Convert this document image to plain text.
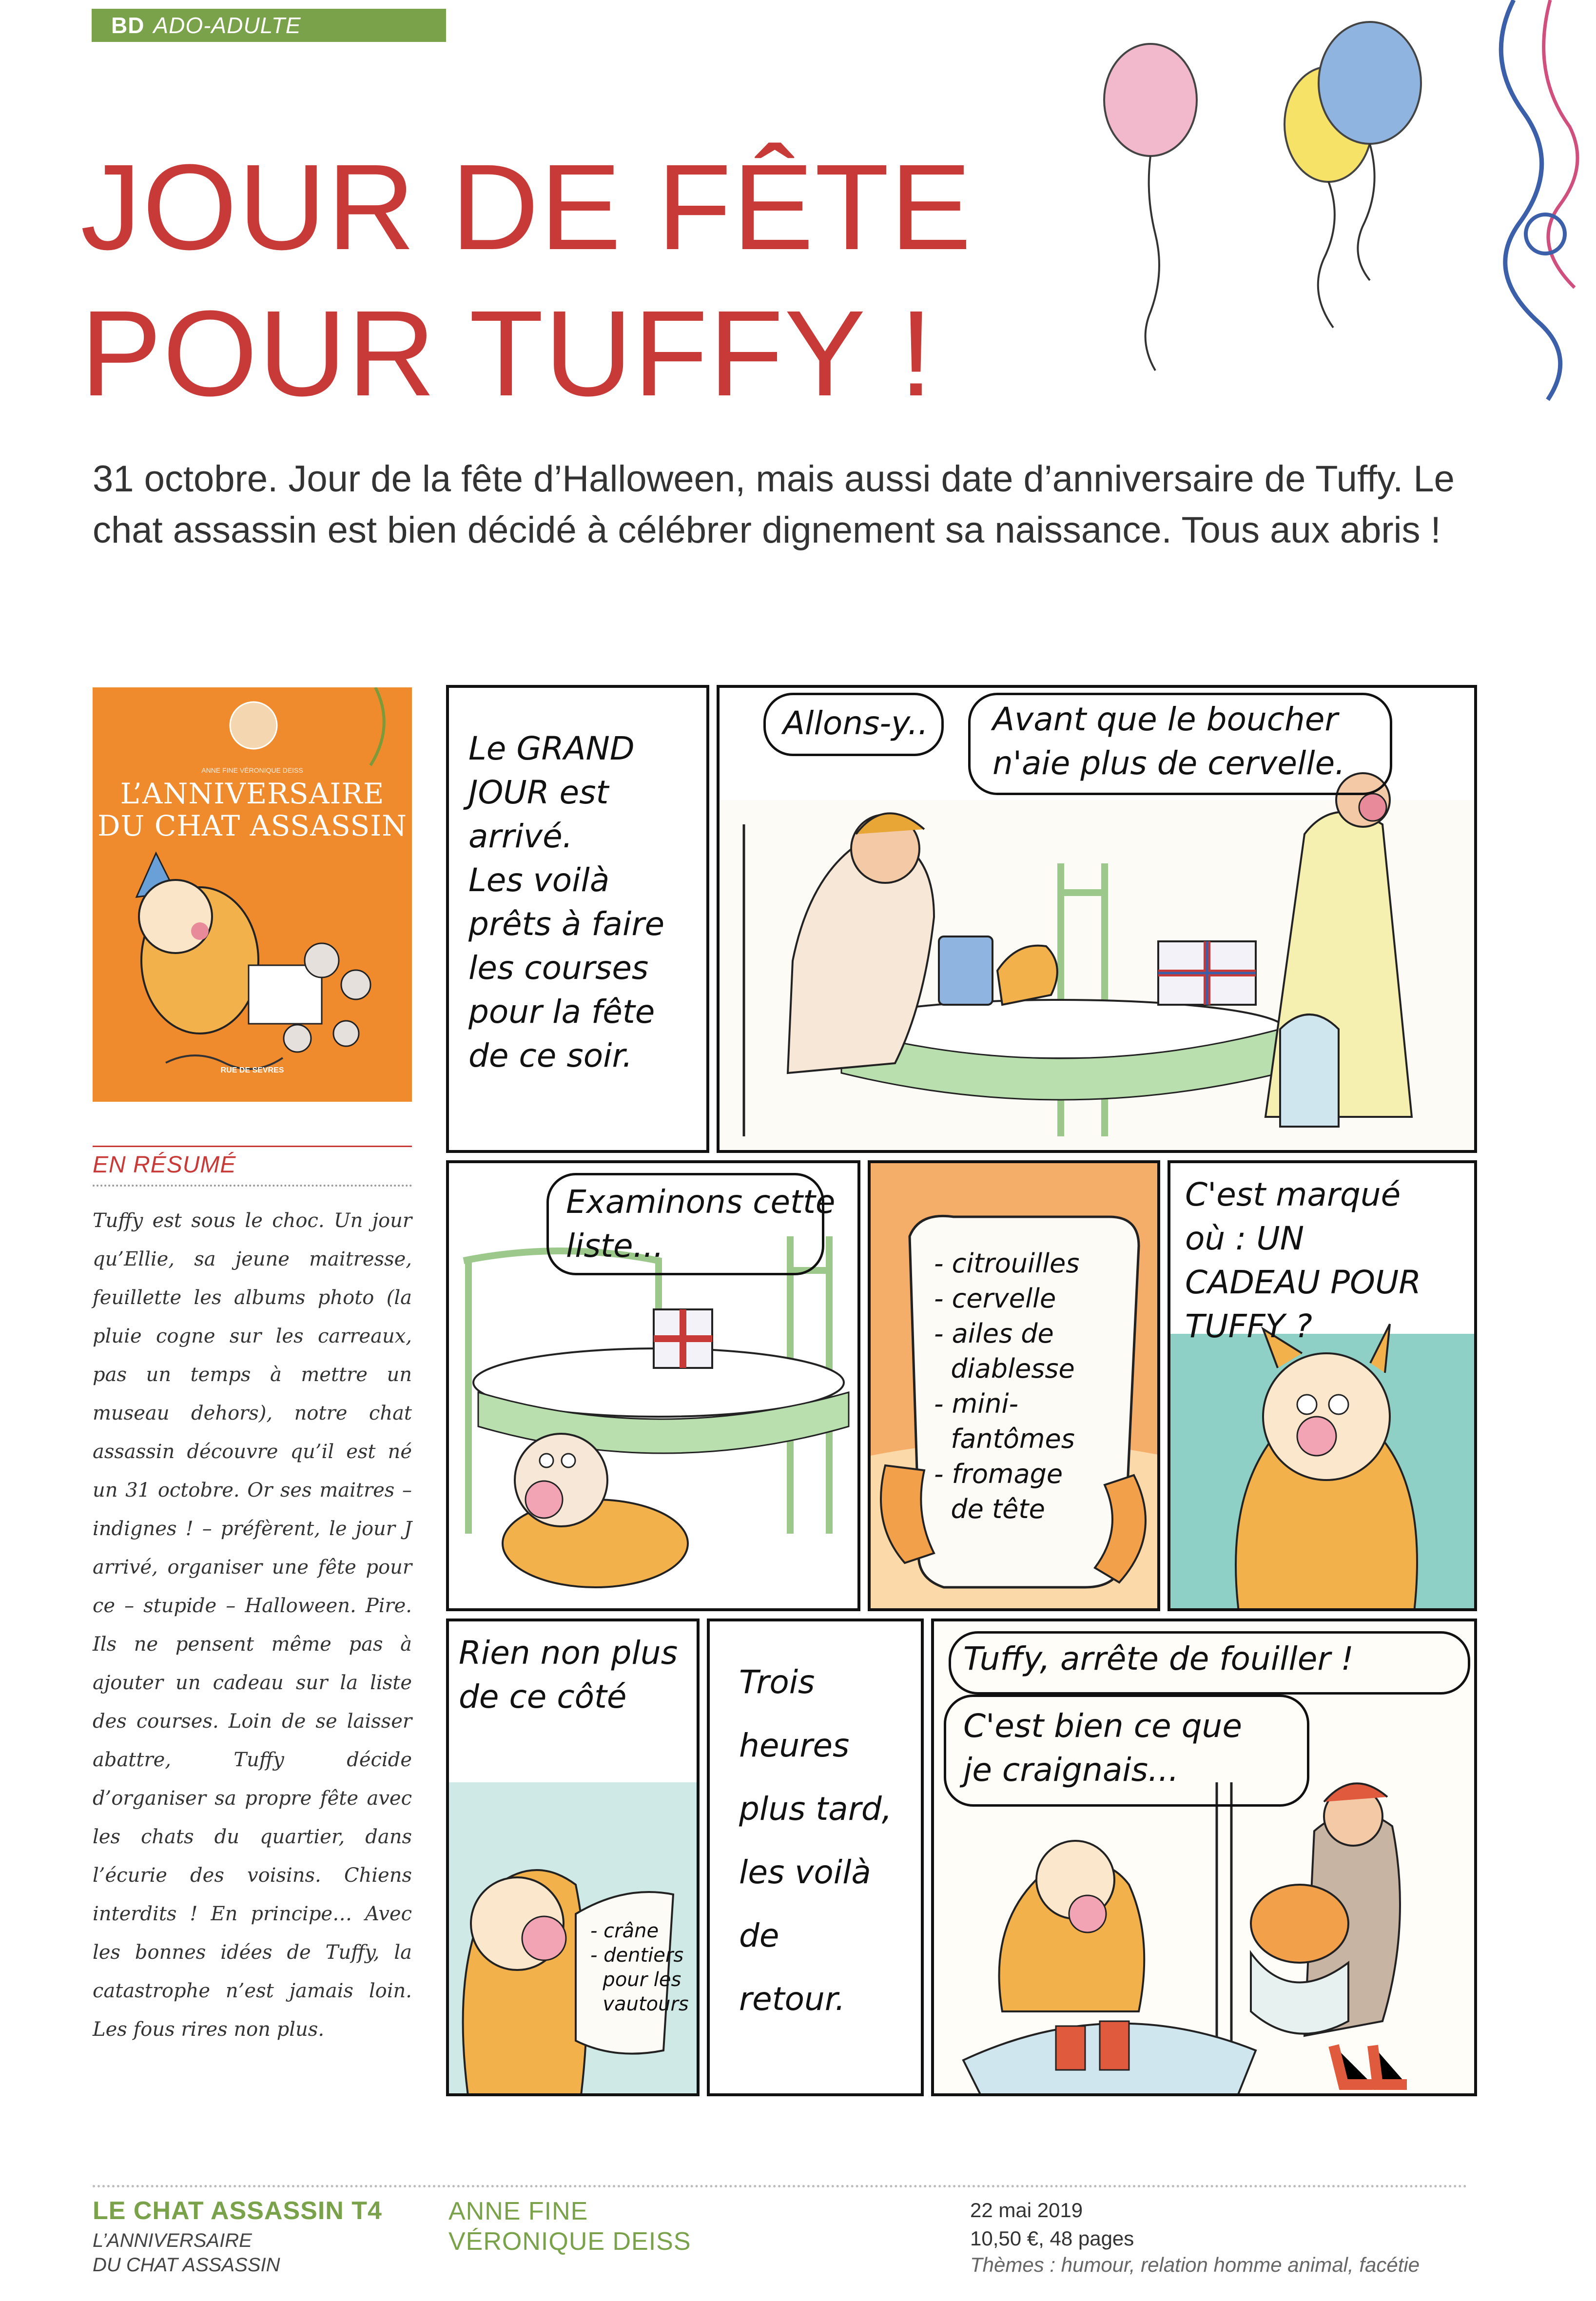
BD ADO-ADULTE
JOUR DE FÊTE
POUR TUFFY !
31 octobre. Jour de la fête d’Halloween, mais aussi date d’anniversaire de Tuffy. Le chat assassin est bien décidé à célébrer dignement sa naissance. Tous aux abris !
ANNE FINE VÉRONIQUE DEISS
L’ANNIVERSAIRE
DU CHAT ASSASSIN
RUE DE SEVRES
EN RÉSUMÉ
Tuffy est sous le choc. Un jour qu’Ellie, sa jeune maitresse, feuillette les albums photo (la pluie cogne sur les carreaux, pas un temps à mettre un museau dehors), notre chat assassin découvre qu’il est né un 31 octobre. Or ses maitres – indignes ! – préfèrent, le jour J arrivé, organiser une fête pour ce – stupide – Halloween. Pire. Ils ne pensent même pas à ajouter un cadeau sur la liste des courses. Loin de se laisser abattre, Tuffy décide d’organiser sa propre fête avec les chats du quartier, dans l’écurie des voisins. Chiens interdits ! En principe… Avec les bonnes idées de Tuffy, la catastrophe n’est jamais loin. Les fous rires non plus.
Le GRAND
JOUR est
arrivé.
Les voilà
prêts à faire
les courses
pour la fête
de ce soir.
Allons-y.. Avant que le boucher
n'aie plus de cervelle.
Examinons cette
liste...	- citrouilles
- cervelle
- ailes de
diablesse
- mini-
fantômes
- fromage
de tête
C'est marqué
où : UN
CADEAU POUR
TUFFY ?
Rien non plus
de ce côté
- crâne
- dentiers
pour les
vautours
Trois
heures
plus tard,
les voilà
de
retour.
Tuffy, arrête de fouiller !
C'est bien ce que
je craignais...
LE CHAT ASSASSIN T4
L’ANNIVERSAIRE
DU CHAT ASSASSIN
ANNE FINE
VÉRONIQUE DEISS
22 mai 2019
10,50 €, 48 pages
Thèmes : humour, relation homme animal, facétie
